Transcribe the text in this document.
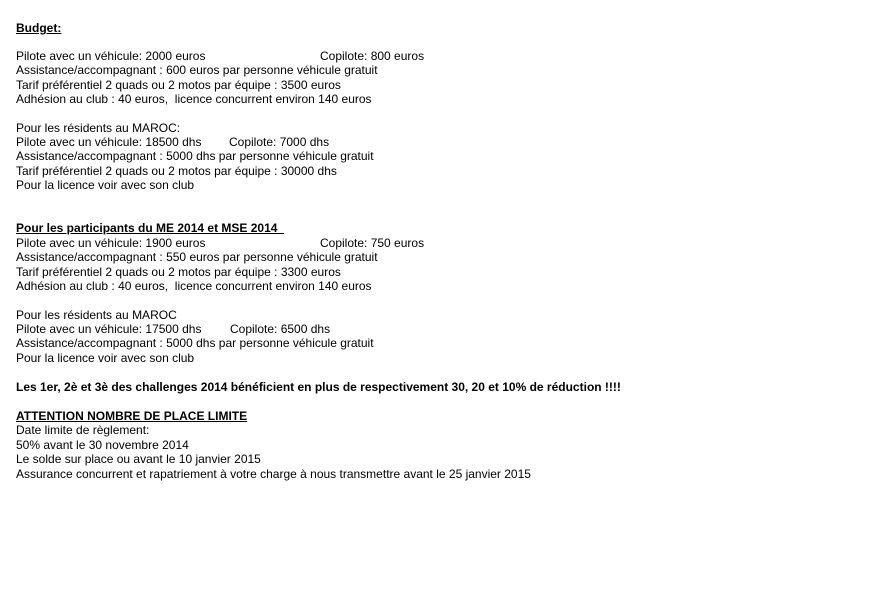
Budget:
Pilote avec un véhicule: 2000 euros	Copilote: 800 euros
Assistance/accompagnant : 600 euros par personne véhicule gratuit
Tarif préférentiel 2 quads ou 2 motos par équipe : 3500 euros
Adhésion au club : 40 euros,  licence concurrent environ 140 euros
Pour les résidents au MAROC:
Pilote avec un véhicule: 18500 dhs Copilote: 7000 dhs
Assistance/accompagnant : 5000 dhs par personne véhicule gratuit
Tarif préférentiel 2 quads ou 2 motos par équipe : 30000 dhs
Pour la licence voir avec son club
Pour les participants du ME 2014 et MSE 2014
Pilote avec un véhicule: 1900 euros	Copilote: 750 euros
Assistance/accompagnant : 550 euros par personne véhicule gratuit
Tarif préférentiel 2 quads ou 2 motos par équipe : 3300 euros
Adhésion au club : 40 euros,  licence concurrent environ 140 euros
Pour les résidents au MAROC
Pilote avec un véhicule: 17500 dhs Copilote: 6500 dhs
Assistance/accompagnant : 5000 dhs par personne véhicule gratuit
Pour la licence voir avec son club
Les 1er, 2è et 3è des challenges 2014 bénéficient en plus de respectivement 30, 20 et 10% de réduction !!!!
ATTENTION NOMBRE DE PLACE LIMITE
Date limite de règlement:
50% avant le 30 novembre 2014
Le solde sur place ou avant le 10 janvier 2015
Assurance concurrent et rapatriement à votre charge à nous transmettre avant le 25 janvier 2015
